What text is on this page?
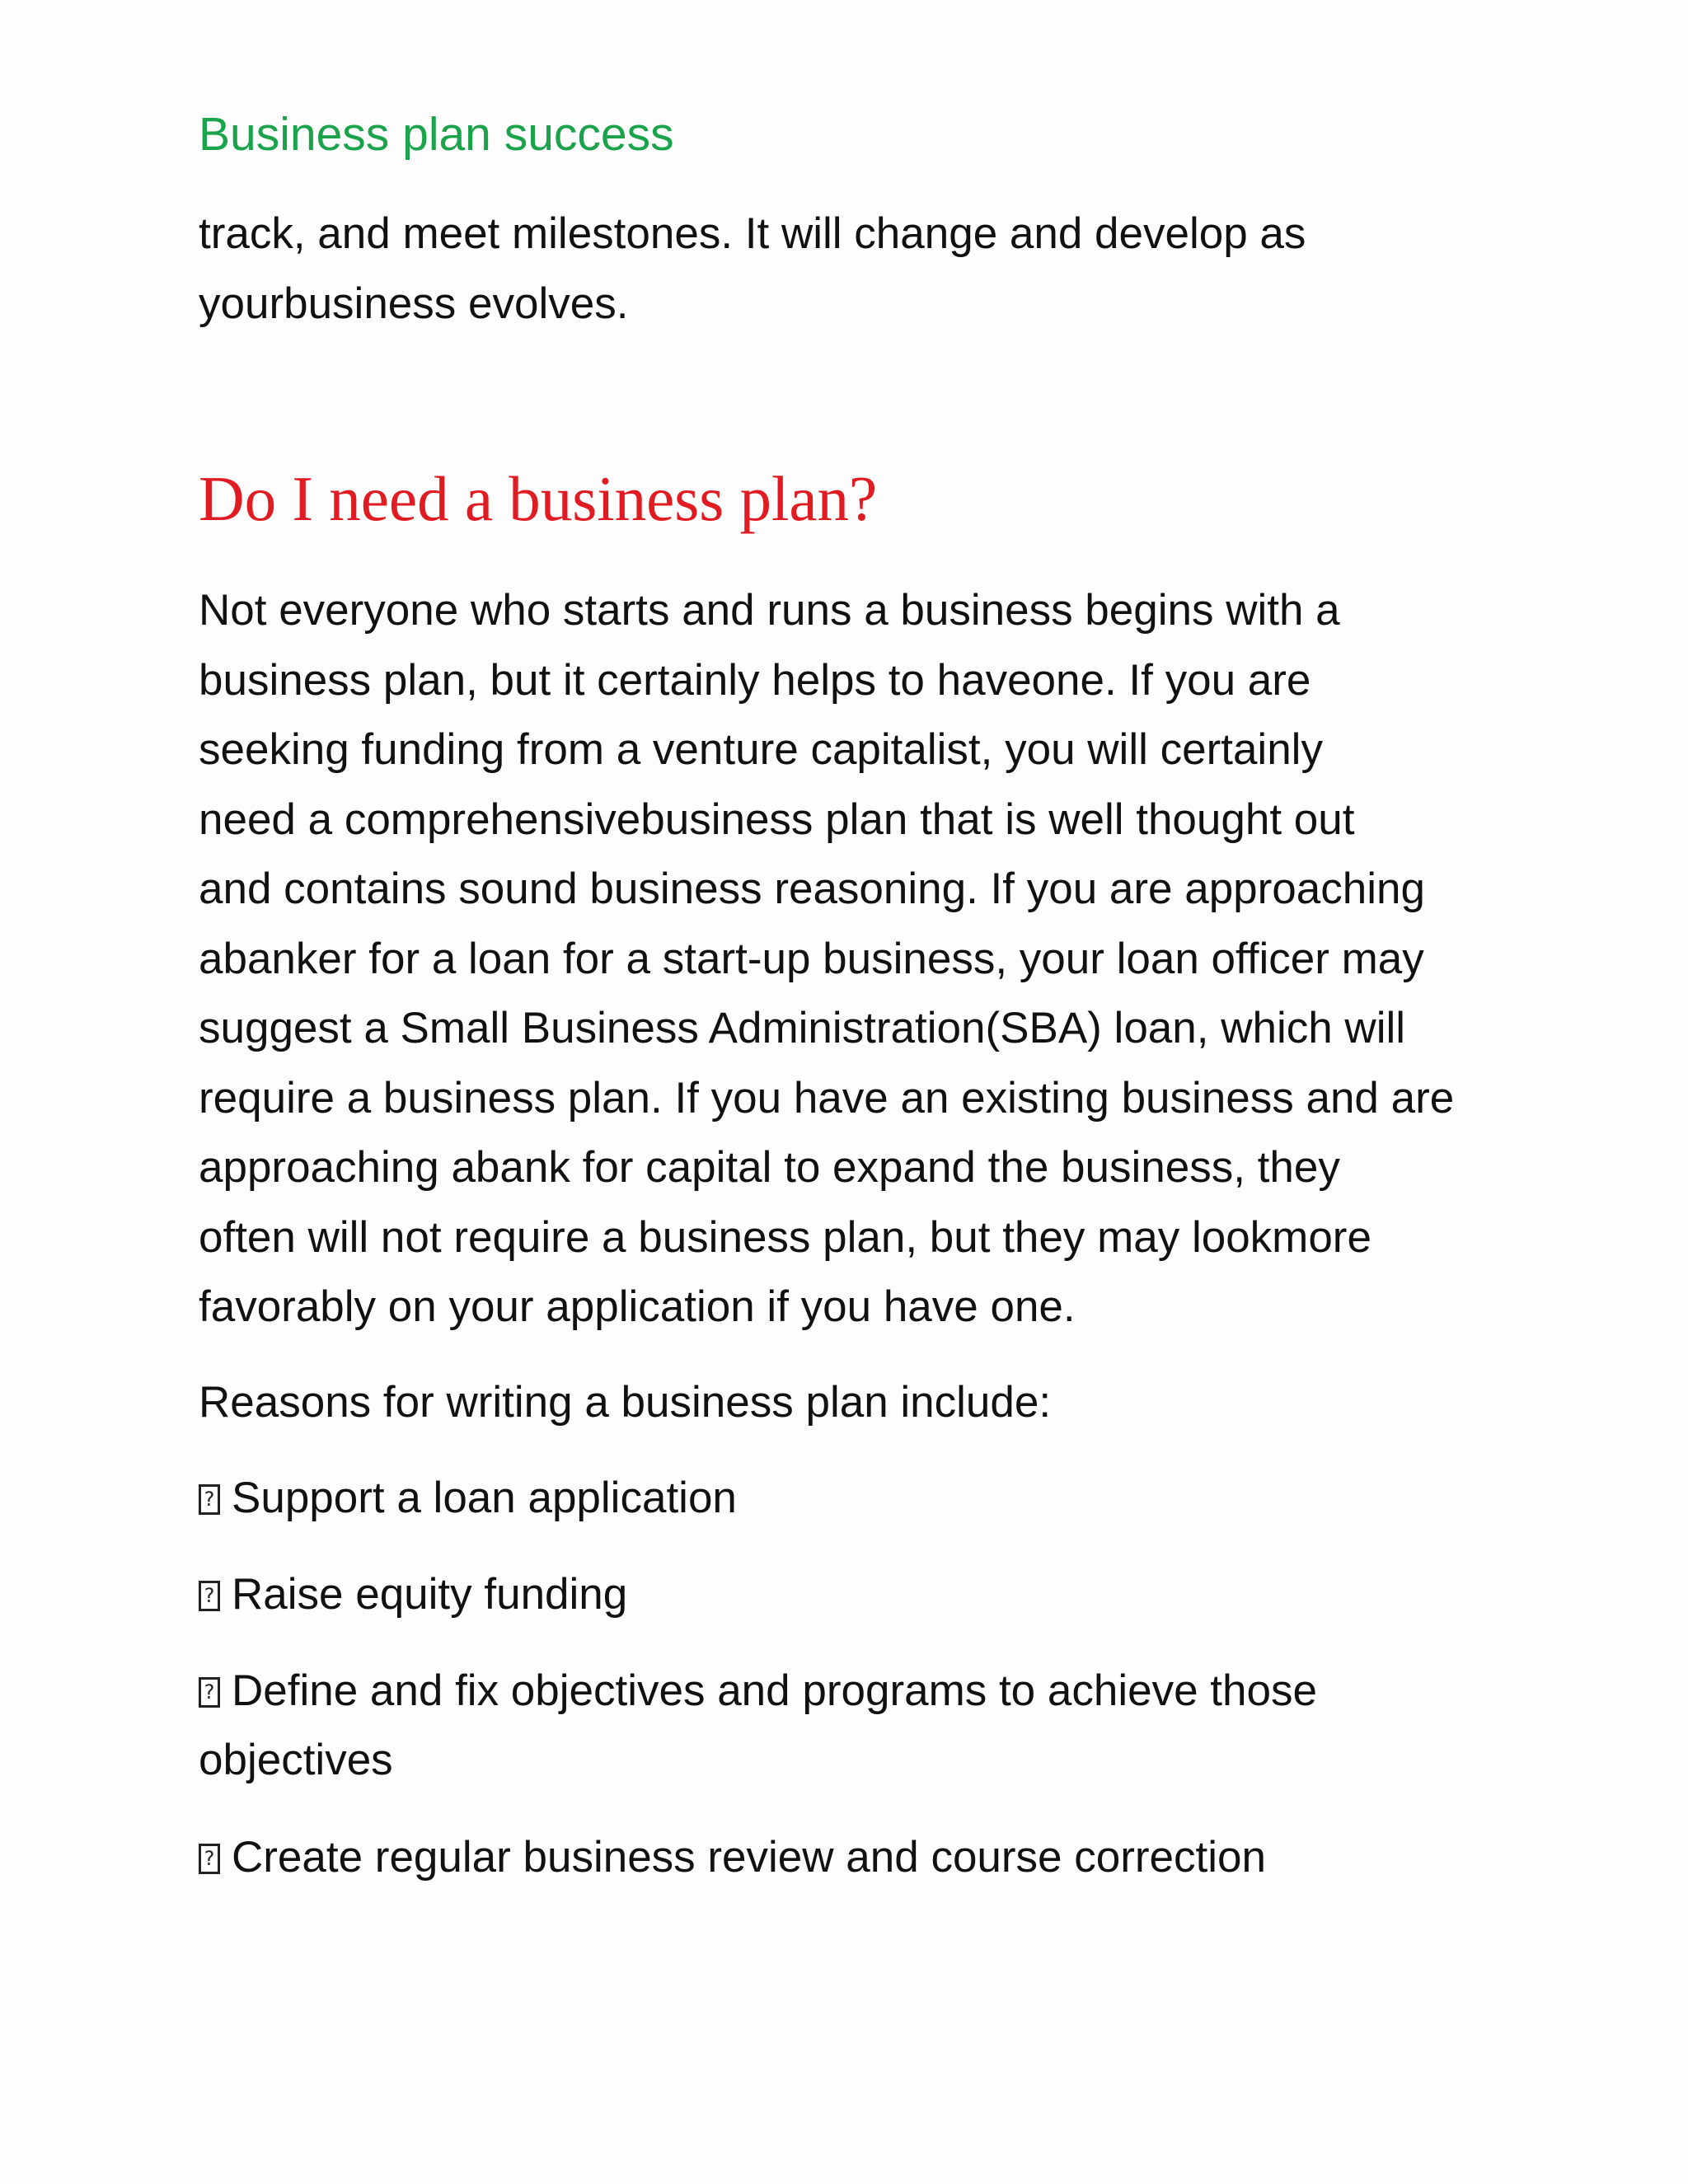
Business plan success
track, and meet milestones. It will change and develop as
yourbusiness evolves.
Do I need a business plan?
Not everyone who starts and runs a business begins with a
business plan, but it certainly helps to haveone. If you are
seeking funding from a venture capitalist, you will certainly
need a comprehensivebusiness plan that is well thought out
and contains sound business reasoning. If you are approaching
abanker for a loan for a start-up business, your loan officer may
suggest a Small Business Administration(SBA) loan, which will
require a business plan. If you have an existing business and are
approaching abank for capital to expand the business, they
often will not require a business plan, but they may lookmore
favorably on your application if you have one.
Reasons for writing a business plan include:
?Support a loan application
?Raise equity funding
?Define and fix objectives and programs to achieve those
objectives
?Create regular business review and course correction
